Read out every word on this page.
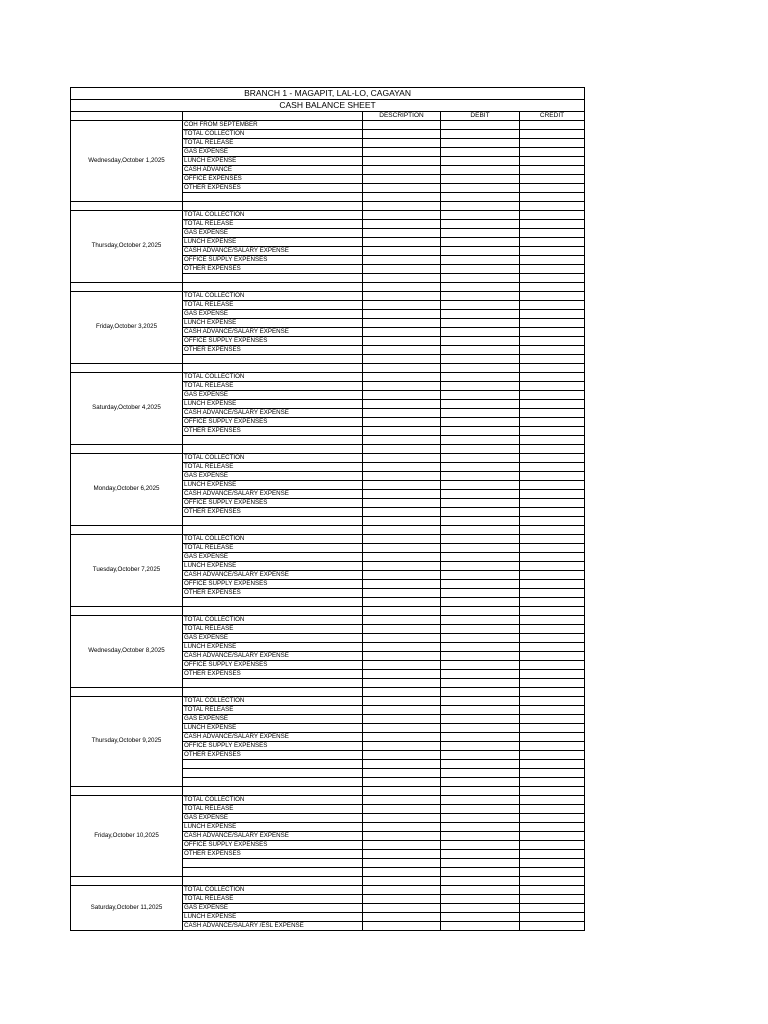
BRANCH 1 - MAGAPIT, LAL-LO, CAGAYAN				
CASH BALANCE SHEET				
		DESCRIPTION	DEBIT	CREDIT
Wednesday,October 1,2025	COH FROM SEPTEMBER			
	TOTAL COLLECTION			
	TOTAL RELEASE			
	GAS EXPENSE			
	LUNCH EXPENSE			
	CASH ADVANCE			
	OFFICE EXPENSES			
	OTHER EXPENSES			

Thursday,October 2,2025	TOTAL COLLECTION			
	TOTAL RELEASE			
	GAS EXPENSE			
	LUNCH EXPENSE			
	CASH ADVANCE/SALARY EXPENSE			
	OFFICE SUPPLY EXPENSES			
	OTHER EXPENSES			

Friday,October 3,2025	TOTAL COLLECTION			
	TOTAL RELEASE			
	GAS EXPENSE			
	LUNCH EXPENSE			
	CASH ADVANCE/SALARY EXPENSE			
	OFFICE SUPPLY EXPENSES			
	OTHER EXPENSES			

Saturday,October 4,2025	TOTAL COLLECTION			
	TOTAL RELEASE			
	GAS EXPENSE			
	LUNCH EXPENSE			
	CASH ADVANCE/SALARY EXPENSE			
	OFFICE SUPPLY EXPENSES			
	OTHER EXPENSES			

Monday,October 6,2025	TOTAL COLLECTION			
	TOTAL RELEASE			
	GAS EXPENSE			
	LUNCH EXPENSE			
	CASH ADVANCE/SALARY EXPENSE			
	OFFICE SUPPLY EXPENSES			
	OTHER EXPENSES			

Tuesday,October 7,2025	TOTAL COLLECTION			
	TOTAL RELEASE			
	GAS EXPENSE			
	LUNCH EXPENSE			
	CASH ADVANCE/SALARY EXPENSE			
	OFFICE SUPPLY EXPENSES			
	OTHER EXPENSES			

Wednesday,October 8,2025	TOTAL COLLECTION			
	TOTAL RELEASE			
	GAS EXPENSE			
	LUNCH EXPENSE			
	CASH ADVANCE/SALARY EXPENSE			
	OFFICE SUPPLY EXPENSES			
	OTHER EXPENSES			

Thursday,October 9,2025	TOTAL COLLECTION			
	TOTAL RELEASE			
	GAS EXPENSE			
	LUNCH EXPENSE			
	CASH ADVANCE/SALARY EXPENSE			
	OFFICE SUPPLY EXPENSES			
	OTHER EXPENSES			

Friday,October 10,2025	TOTAL COLLECTION			
	TOTAL RELEASE			
	GAS EXPENSE			
	LUNCH EXPENSE			
	CASH ADVANCE/SALARY EXPENSE			
	OFFICE SUPPLY EXPENSES			
	OTHER EXPENSES			

Saturday,October 11,2025	TOTAL COLLECTION			
	TOTAL RELEASE			
	GAS EXPENSE			
	LUNCH EXPENSE			
	CASH ADVANCE/SALARY /ESL EXPENSE			
